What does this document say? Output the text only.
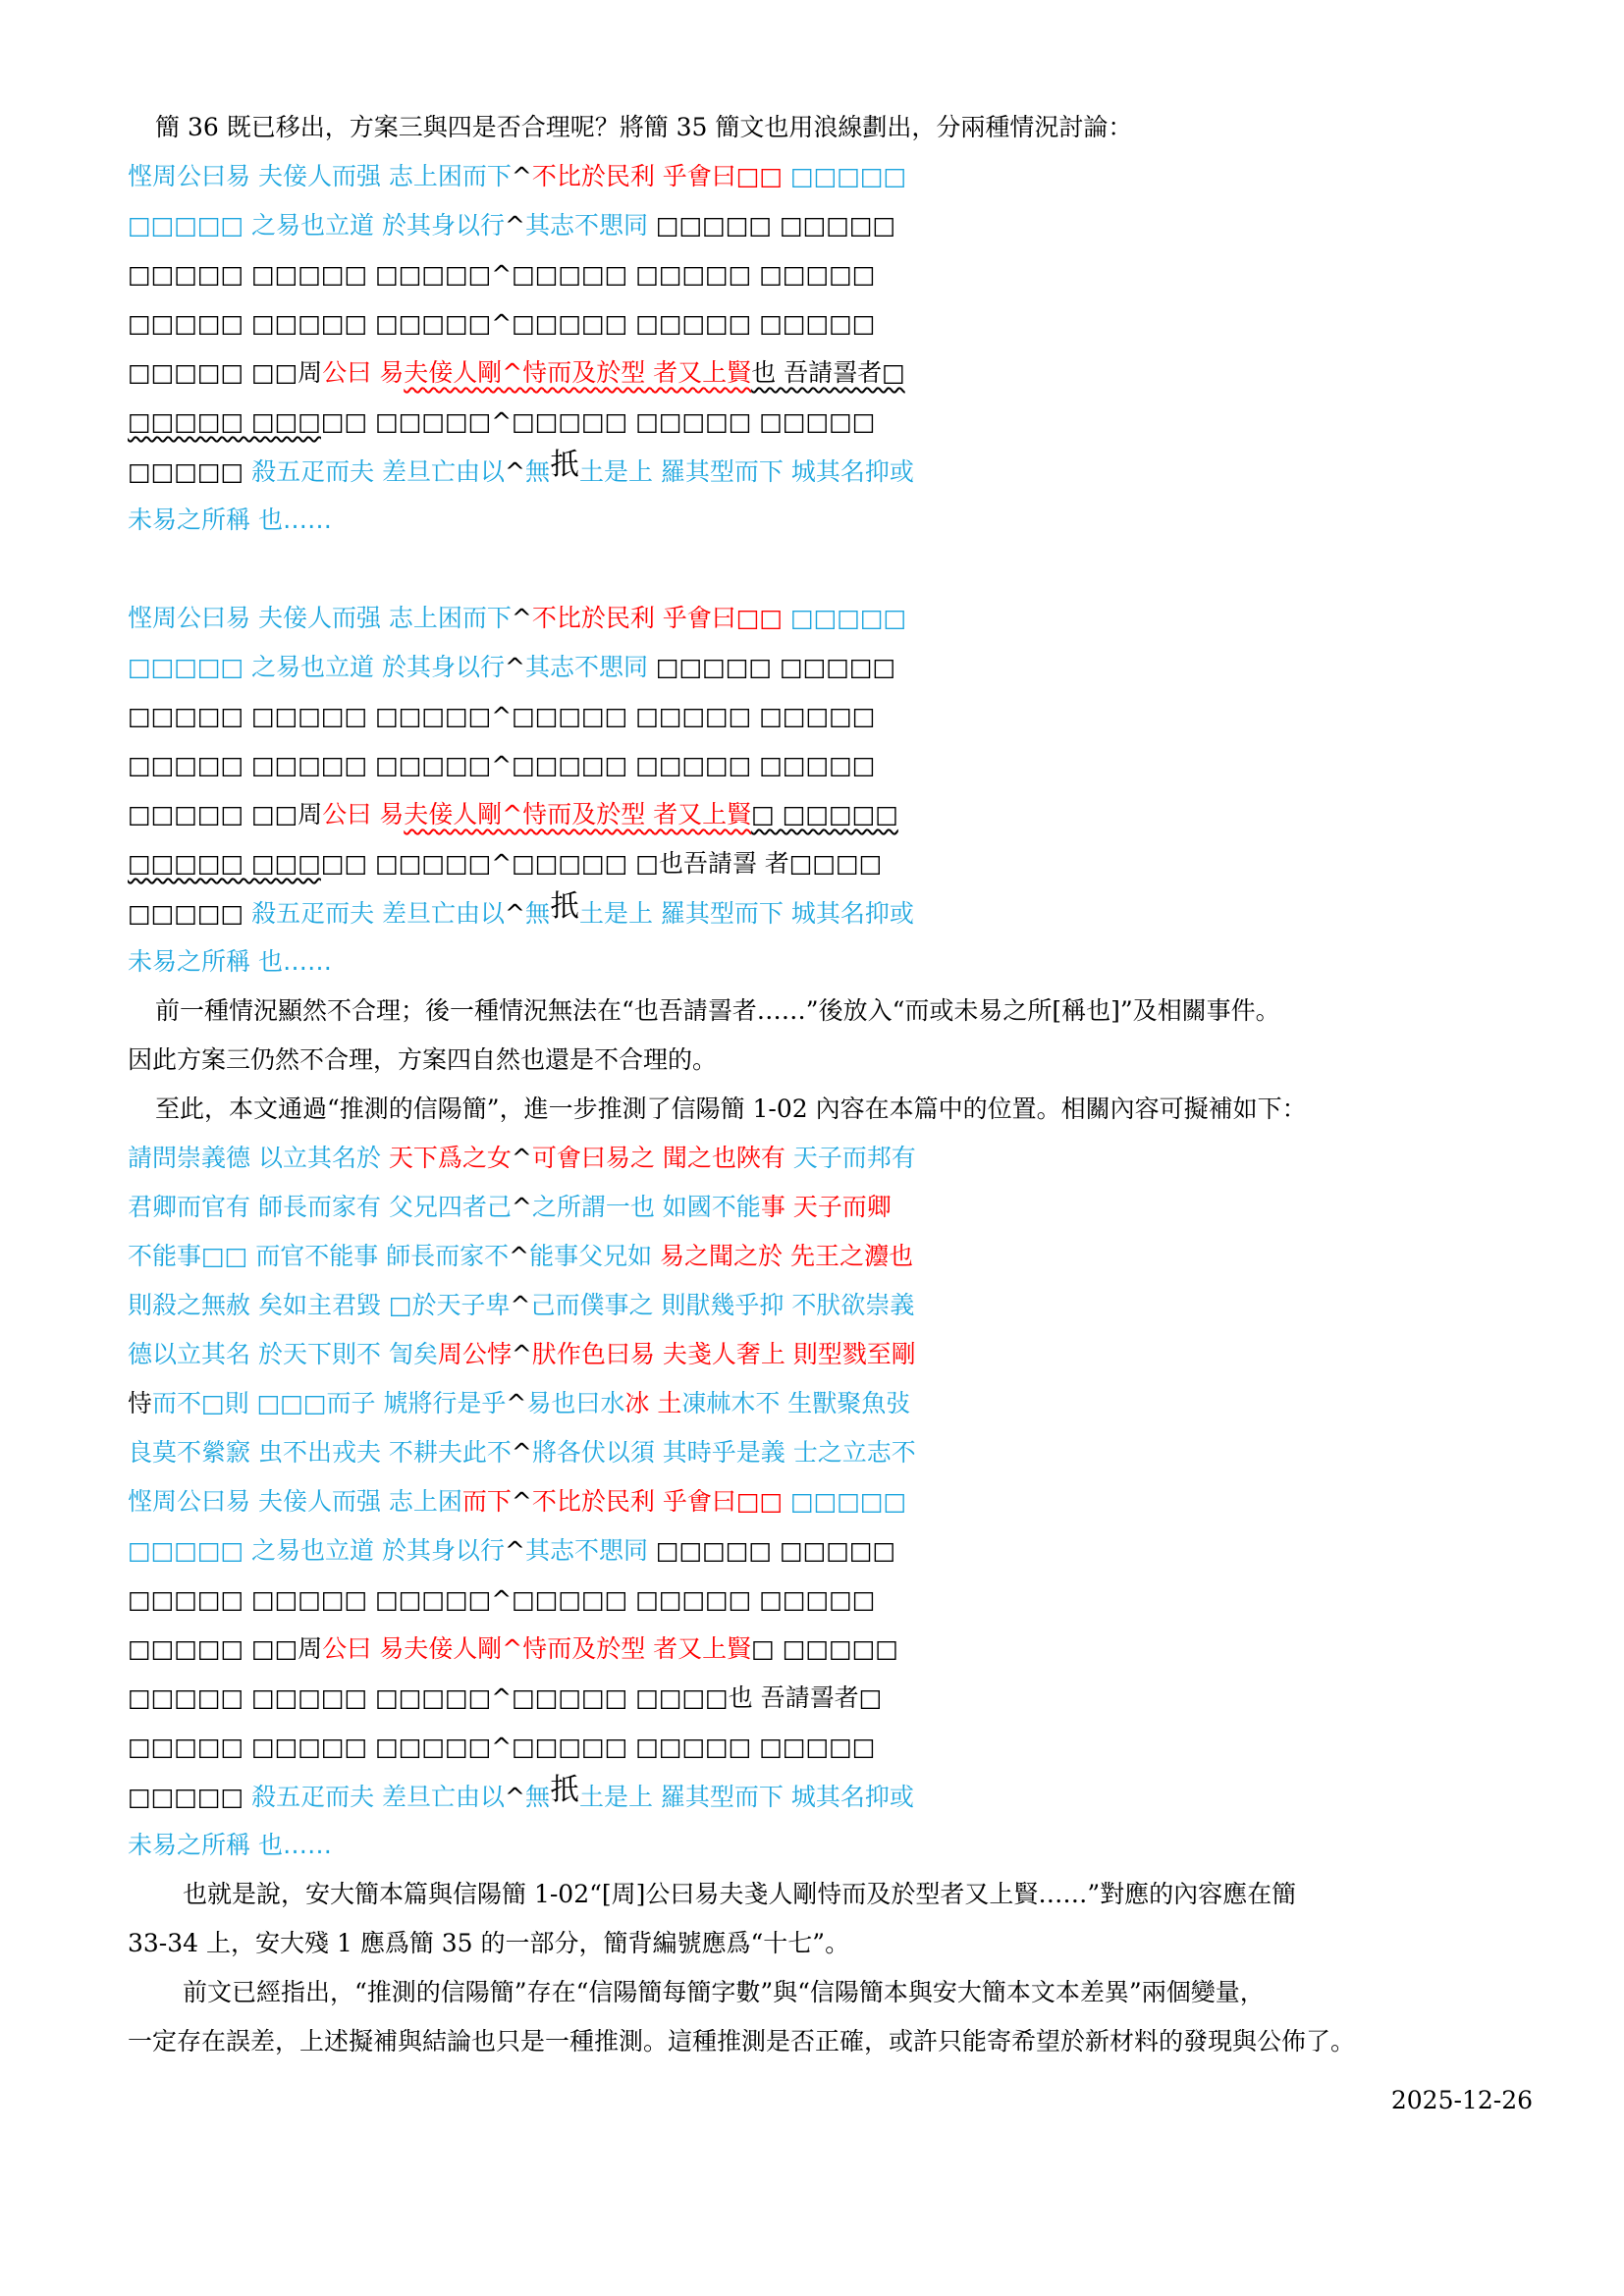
簡 36 既已移出，方案三與四是否合理呢？將簡 35 簡文也用浪線劃出，分兩種情況討論：
悭周公曰易 夫倿人而强 志上困而下^不比於民利 乎㑹曰□□ □□□□□
□□□□□ 之易也立道 於其身以行^其志不愳同 □□□□□ □□□□□
□□□□□ □□□□□ □□□□□^□□□□□ □□□□□ □□□□□
□□□□□ □□□□□ □□□□□^□□□□□ □□□□□ □□□□□
□□□□□ □□周公曰 易夫倿人剛^恃而及於型 者又上賢也 吾請䛐者□
□□□□□ □□□□□ □□□□□^□□□□□ □□□□□ □□□□□
□□□□□ 殺五疋而夫 差旦亡由以^無扺土是上 羅其型而下 城其名抑或
未易之所稱 也……
悭周公曰易 夫倿人而强 志上困而下^不比於民利 乎㑹曰□□ □□□□□
□□□□□ 之易也立道 於其身以行^其志不愳同 □□□□□ □□□□□
□□□□□ □□□□□ □□□□□^□□□□□ □□□□□ □□□□□
□□□□□ □□□□□ □□□□□^□□□□□ □□□□□ □□□□□
□□□□□ □□周公曰 易夫倿人剛^恃而及於型 者又上賢□ □□□□□
□□□□□ □□□□□ □□□□□^□□□□□ □也吾請䛐 者□□□□
□□□□□ 殺五疋而夫 差旦亡由以^無扺土是上 羅其型而下 城其名抑或
未易之所稱 也……
前一種情況顯然不合理；後一種情況無法在“也吾請䛐者……”後放入“而或未易之所[稱也]”及相關事件。
因此方案三仍然不合理，方案四自然也還是不合理的。
至此，本文通過“推測的信陽簡”，進一步推測了信陽簡 1-02 內容在本篇中的位置。相關內容可擬補如下：
請問崇義德 以立其名於 天下爲之女^可㑹曰易之 聞之也陜有 天子而邦有
君卿而官有 師長而家有 父兄四者己^之所謂一也 如國不能事 天子而卿
不能事□□ 而官不能事 師長而家不^能事父兄如 易之聞之於 先王之灋也
則殺之無赦 矣如主君毀 □於天子卑^己而僕事之 則猒幾乎抑 不肰欲崇義
德以立其名 於天下則不 訇矣周公悖^肰作色曰易 夫戔人奢上 則型戮至剛
恃而不□則 □□□而子 虓將行是乎^易也曰水冰 土凍𣏟木不 生獸聚魚㢭
良莫不縈窾 虫不出戎夫 不耕夫此不^將各伏以須 其時乎是義 士之立志不
悭周公曰易 夫倿人而强 志上困而下^不比於民利 乎㑹曰□□ □□□□□
□□□□□ 之易也立道 於其身以行^其志不愳同 □□□□□ □□□□□
□□□□□ □□□□□ □□□□□^□□□□□ □□□□□ □□□□□
□□□□□ □□周公曰 易夫倿人剛^恃而及於型 者又上賢□ □□□□□
□□□□□ □□□□□ □□□□□^□□□□□ □□□□也 吾請䛐者□
□□□□□ □□□□□ □□□□□^□□□□□ □□□□□ □□□□□
□□□□□ 殺五疋而夫 差旦亡由以^無扺土是上 羅其型而下 城其名抑或
未易之所稱 也……
也就是說，安大簡本篇與信陽簡 1-02“[周]公曰易夫戔人剛恃而及於型者又上賢……”對應的內容應在簡
33-34 上，安大殘 1 應爲簡 35 的一部分，簡背編號應爲“十七”。
前文已經指出，“推測的信陽簡”存在“信陽簡每簡字數”與“信陽簡本與安大簡本文本差異”兩個變量，
一定存在誤差，上述擬補與結論也只是一種推測。這種推測是否正確，或許只能寄希望於新材料的發現與公佈了。
2025-12-26
